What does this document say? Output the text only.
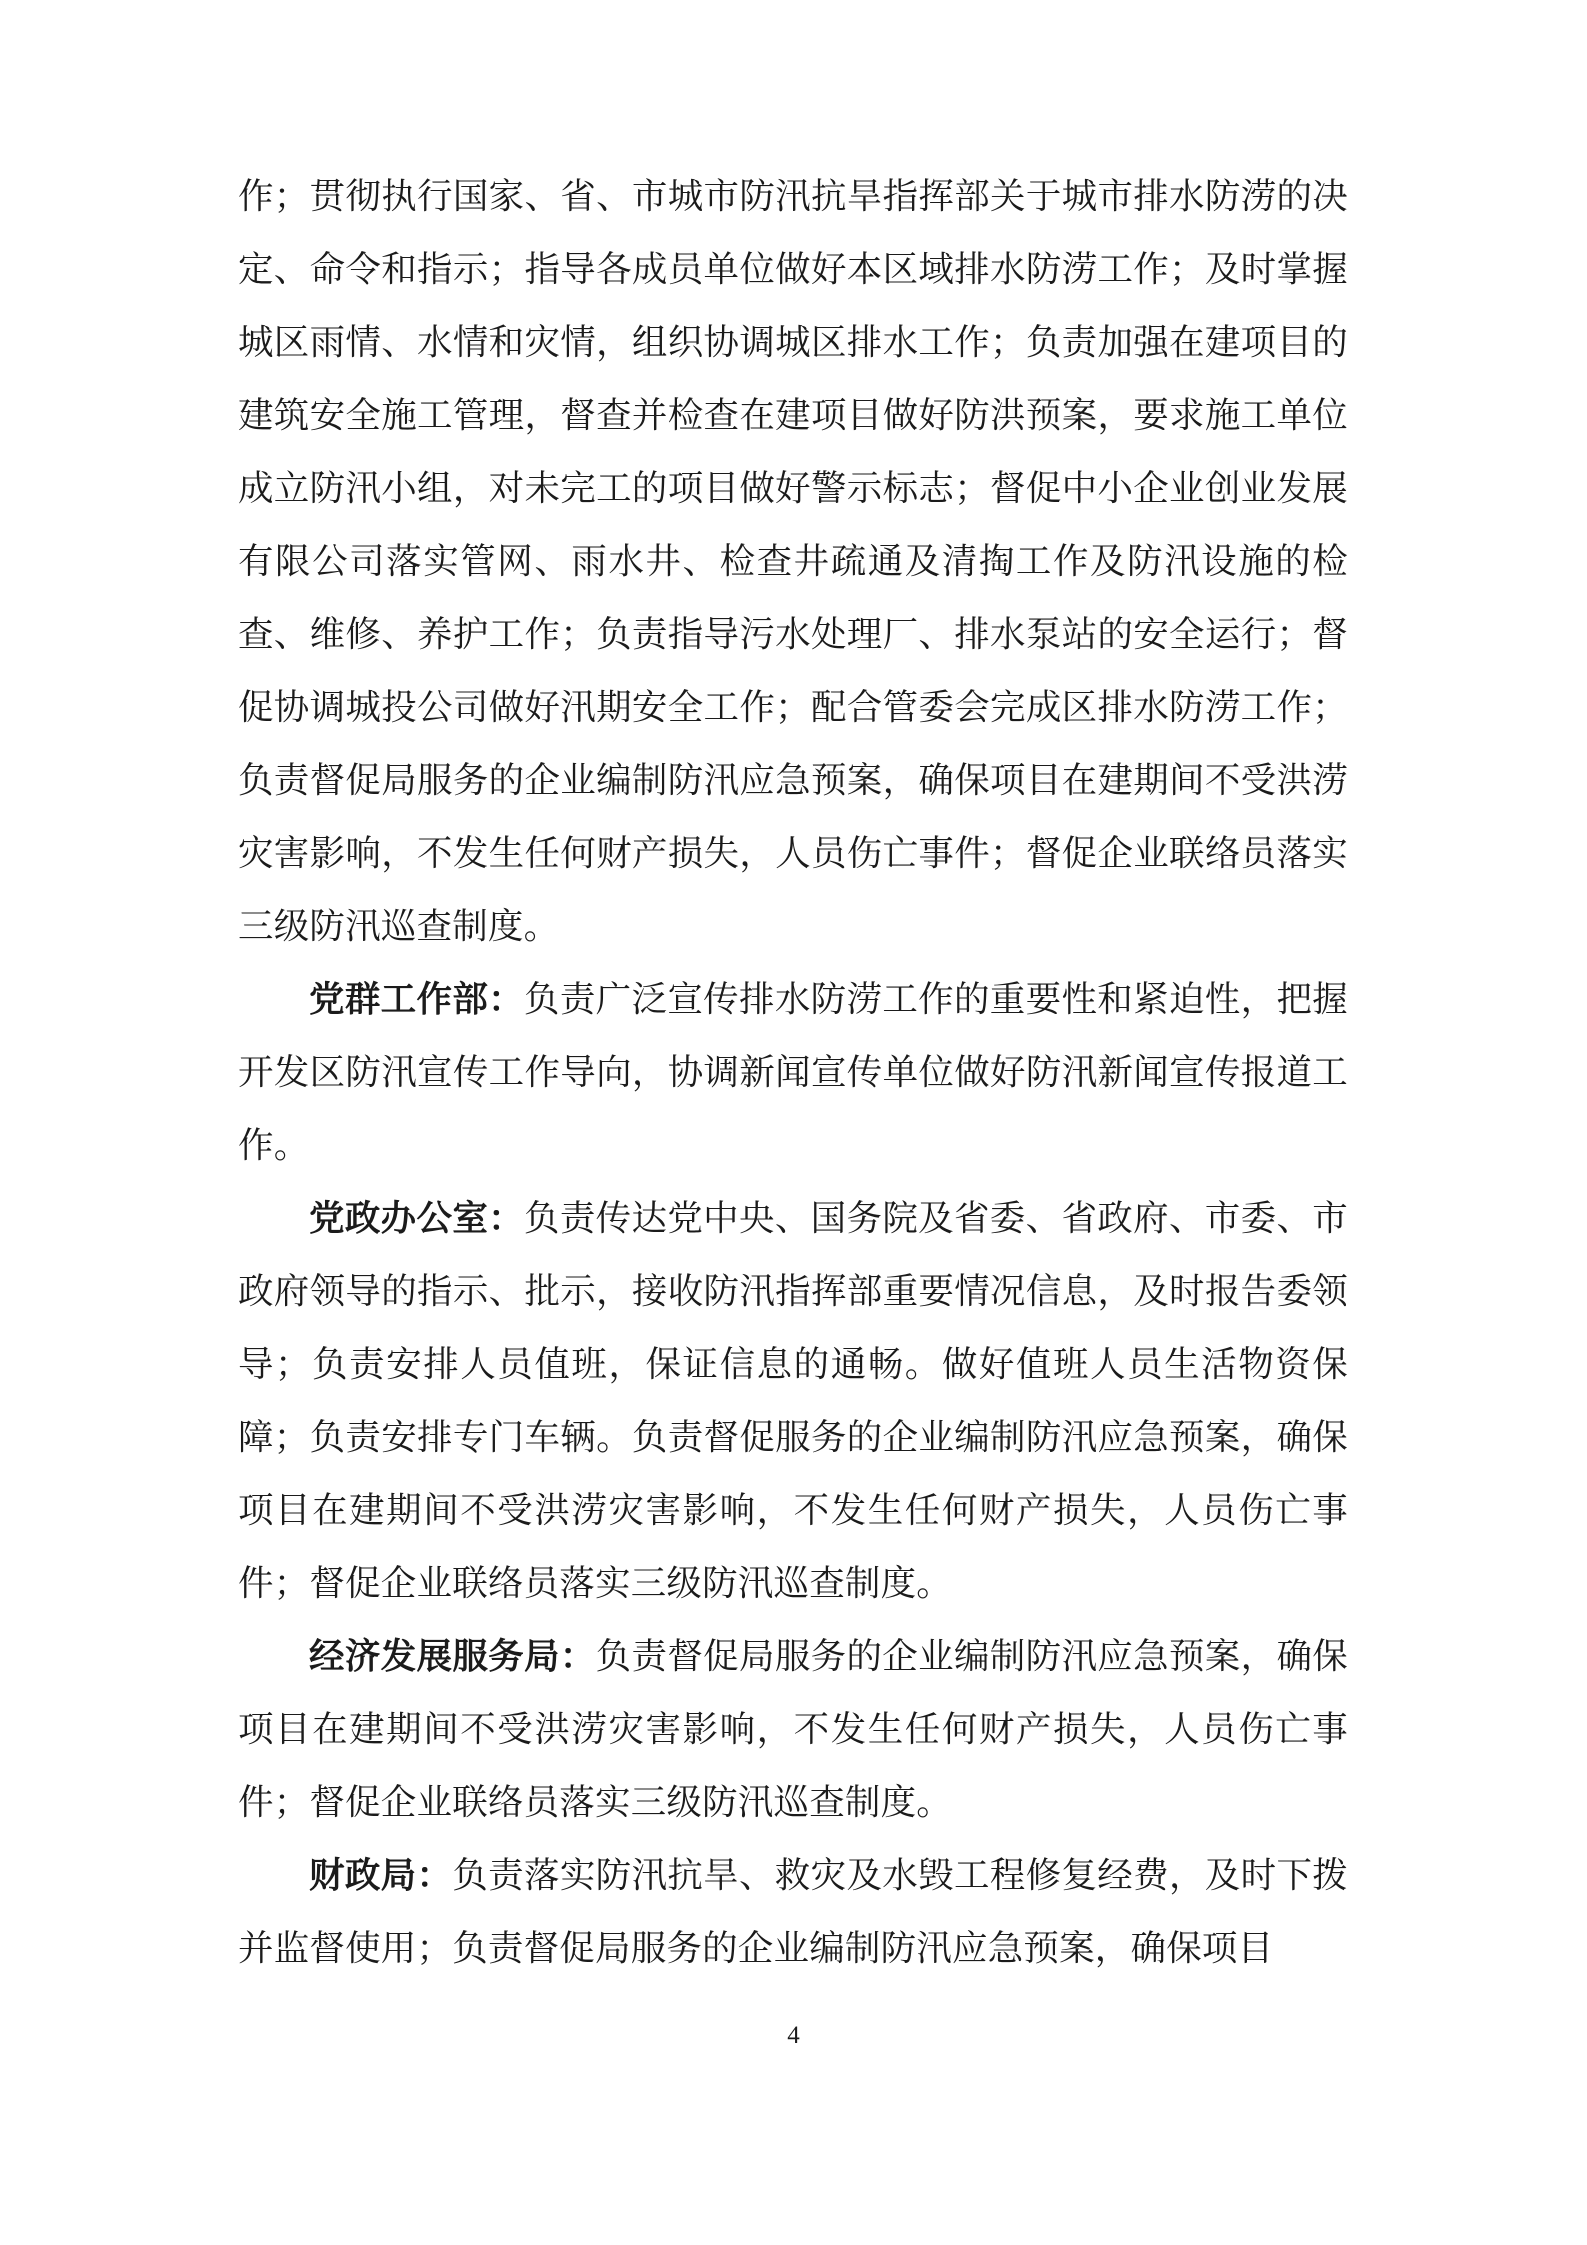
作；贯彻执行国家、省、市城市防汛抗旱指挥部关于城市排水防涝的决定、命令和指示；指导各成员单位做好本区域排水防涝工作；及时掌握城区雨情、水情和灾情，组织协调城区排水工作；负责加强在建项目的建筑安全施工管理，督查并检查在建项目做好防洪预案，要求施工单位成立防汛小组，对未完工的项目做好警示标志；督促中小企业创业发展有限公司落实管网、雨水井、检查井疏通及清掏工作及防汛设施的检查、维修、养护工作；负责指导污水处理厂、排水泵站的安全运行；督促协调城投公司做好汛期安全工作；配合管委会完成区排水防涝工作；负责督促局服务的企业编制防汛应急预案，确保项目在建期间不受洪涝灾害影响，不发生任何财产损失，人员伤亡事件；督促企业联络员落实三级防汛巡查制度。

党群工作部：负责广泛宣传排水防涝工作的重要性和紧迫性，把握开发区防汛宣传工作导向，协调新闻宣传单位做好防汛新闻宣传报道工作。

党政办公室：负责传达党中央、国务院及省委、省政府、市委、市政府领导的指示、批示，接收防汛指挥部重要情况信息，及时报告委领导；负责安排人员值班，保证信息的通畅。做好值班人员生活物资保障；负责安排专门车辆。负责督促服务的企业编制防汛应急预案，确保项目在建期间不受洪涝灾害影响，不发生任何财产损失，人员伤亡事件；督促企业联络员落实三级防汛巡查制度。

经济发展服务局：负责督促局服务的企业编制防汛应急预案，确保项目在建期间不受洪涝灾害影响，不发生任何财产损失，人员伤亡事件；督促企业联络员落实三级防汛巡查制度。

财政局：负责落实防汛抗旱、救灾及水毁工程修复经费，及时下拨并监督使用；负责督促局服务的企业编制防汛应急预案，确保项目

4
